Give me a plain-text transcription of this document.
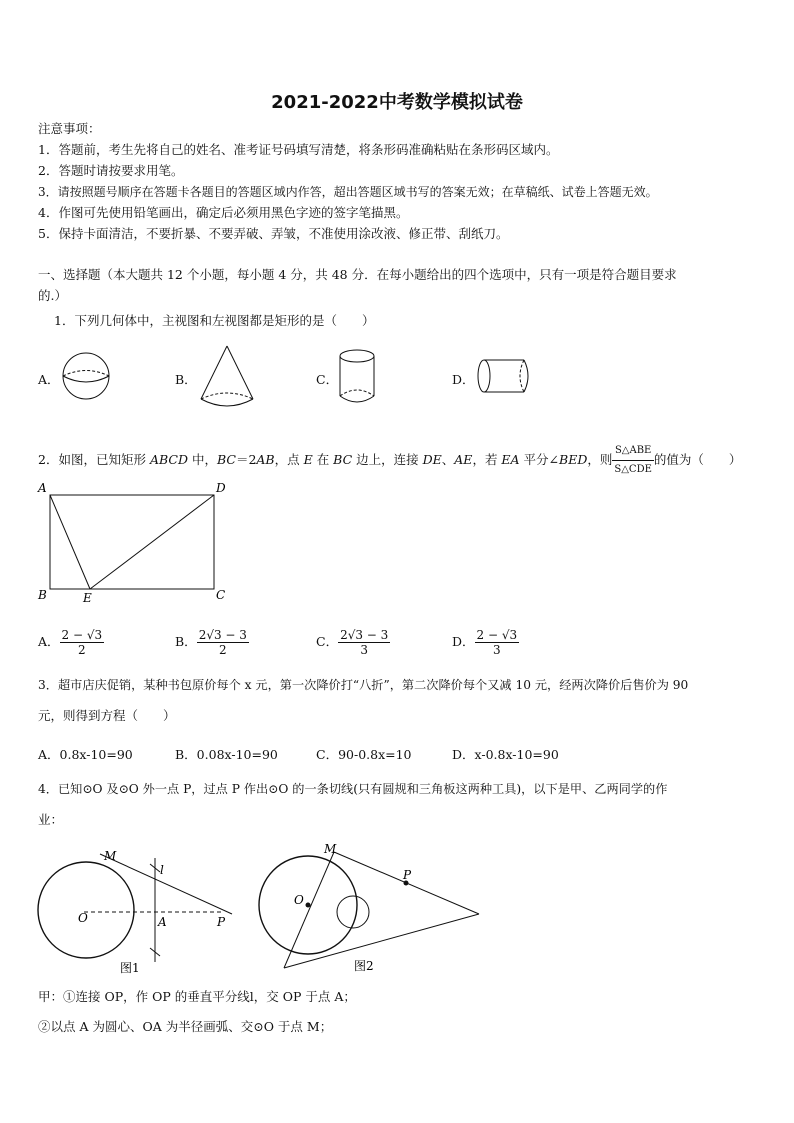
2021-2022中考数学模拟试卷
注意事项：
1．答题前，考生先将自己的姓名、准考证号码填写清楚，将条形码准确粘贴在条形码区域内。
2．答题时请按要求用笔。
3．请按照题号顺序在答题卡各题目的答题区域内作答，超出答题区域书写的答案无效；在草稿纸、试卷上答题无效。
4．作图可先使用铅笔画出，确定后必须用黑色字迹的签字笔描黑。
5．保持卡面清洁，不要折暴、不要弄破、弄皱，不准使用涂改液、修正带、刮纸刀。
一、选择题（本大题共 12 个小题，每小题 4 分，共 48 分．在每小题给出的四个选项中，只有一项是符合题目要求
的.）
1．下列几何体中，主视图和左视图都是矩形的是（　　）
A．	B．	C．	D．
2．如图，已知矩形 ABCD 中，BC＝2AB，点 E 在 BC 边上，连接 DE、AE，若 EA 平分∠BED，则 $\frac{\text{S△ABE}}{\text{S△CDE}}$ 的值为（　　）
A	D
B	C
E
A． $\frac{2 - √3}{2}$	B． $\frac{2√3 - 3}{2}$	C． $\frac{2√3 - 3}{3}$	D． $\frac{2 - √3}{3}$
3．超市店庆促销，某种书包原价每个 x 元，第一次降价打“八折”，第二次降价每个又减 10 元，经两次降价后售价为 90
元，则得到方程（　　）
A．0.8x-10=90	B．0.08x-10=90	C．90-0.8x=10	D．x-0.8x-10=90
4．已知⊙O 及⊙O 外一点 P，过点 P 作出⊙O 的一条切线(只有圆规和三角板这两种工具)，以下是甲、乙两同学的作
业：
M
l
O	A	P
图1
M
P
O
图2
甲：①连接 OP，作 OP 的垂直平分线l，交 OP 于点 A；
②以点 A 为圆心、OA 为半径画弧、交⊙O 于点 M；
